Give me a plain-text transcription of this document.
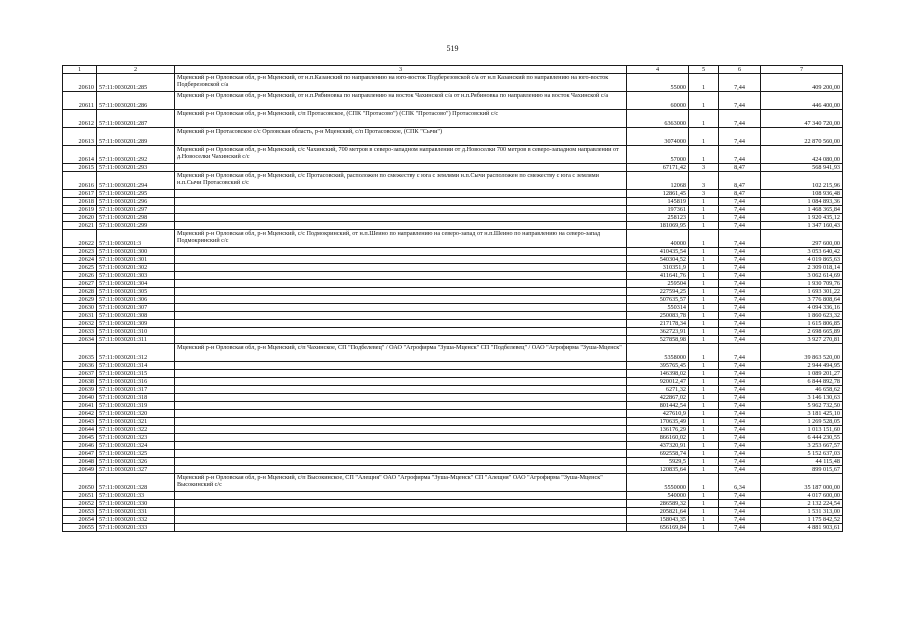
519
1	2	3	4	5	6	7
20610	57:11:0030201:285	Мценский р-н Орловская обл, р-н Мценский, от н.п.Казанский по направлению на юго-восток Подберезовской с/а от н.п Казанский по направлению на юго-восток Подберезовской с/а	55000	1	7,44	409 200,00
20611	57:11:0030201:286	Мценский р-н Орловская обл, р-н Мценский, от н.п.Рябиновка по направлению на восток Чахинской с/а от н.п.Рябиновка по направлению на восток Чахинской с/а	60000	1	7,44	446 400,00
20612	57:11:0030201:287	Мценский р-н Орловская обл, р-н Мценский, с/п Протасовское, (СПК "Протасово") (СПК "Протасово") Протасовский с/с	6363000	1	7,44	47 340 720,00
20613	57:11:0030201:289	Мценский р-н Протасовское с/с Орловская область, р-н Мценский, с/п Протасовское, (СПК "Сычи")	3074000	1	7,44	22 870 560,00
20614	57:11:0030201:292	Мценский р-н Орловская обл, р-н Мценский, с/с Чахинский, 700 метров в северо-западном направлении от д.Новоселки 700 метров в северо-западном направлении от д.Новоселки Чахинский с/с	57000	1	7,44	424 080,00
20615	57:11:0030201:293		67171,42	3	8,47	568 941,93
20616	57:11:0030201:294	Мценский р-н Орловская обл, р-н Мценский, с/с Протасовский, расположен по смежеству с юга с землями н.п.Сычи расположен по смежеству с юга с землями н.п.Сычи Протасовский с/с	12068	3	8,47	102 215,96
20617	57:11:0030201:295		12861,45	3	8,47	108 936,48
20618	57:11:0030201:296		145819	1	7,44	1 084 893,36
20619	57:11:0030201:297		197361	1	7,44	1 468 365,84
20620	57:11:0030201:298		258123	1	7,44	1 920 435,12
20621	57:11:0030201:299		181069,95	1	7,44	1 347 160,43
20622	57:11:0030201:3	Мценский р-н Орловская обл, р-н Мценский, с/с Подмокринский, от н.п.Шеино по направлению на северо-запад от н.п.Шеино по направлению на северо-запад Подмокринский с/с	40000	1	7,44	297 600,00
20623	57:11:0030201:300		410435,54	1	7,44	3 053 640,42
20624	57:11:0030201:301		540304,52	1	7,44	4 019 865,63
20625	57:11:0030201:302		310351,9	1	7,44	2 309 018,14
20626	57:11:0030201:303		411641,76	1	7,44	3 062 614,69
20627	57:11:0030201:304		259504	1	7,44	1 930 709,76
20628	57:11:0030201:305		227594,25	1	7,44	1 693 301,22
20629	57:11:0030201:306		507635,57	1	7,44	3 776 808,64
20630	57:11:0030201:307		550314	1	7,44	4 094 336,16
20631	57:11:0030201:308		250083,78	1	7,44	1 860 623,32
20632	57:11:0030201:309		217178,34	1	7,44	1 615 806,85
20633	57:11:0030201:310		362723,91	1	7,44	2 698 665,89
20634	57:11:0030201:311		527858,98	1	7,44	3 927 270,81
20635	57:11:0030201:312	Мценский р-н Орловская обл, р-н Мценский, с/п Чахинское, СП "Подбелевец" / ОАО "Агрофирма "Зуша-Мценск" СП "Подбелевец" / ОАО "Агрофирма "Зуша-Мценск"	5358000	1	7,44	39 863 520,00
20636	57:11:0030201:314		395765,45	1	7,44	2 944 494,95
20637	57:11:0030201:315		146398,02	1	7,44	1 089 201,27
20638	57:11:0030201:316		920012,47	1	7,44	6 844 892,78
20639	57:11:0030201:317		6271,32	1	7,44	46 658,62
20640	57:11:0030201:318		422867,02	1	7,44	3 146 130,63
20641	57:11:0030201:319		801442,54	1	7,44	5 962 732,50
20642	57:11:0030201:320		427610,9	1	7,44	3 181 425,10
20643	57:11:0030201:321		170635,49	1	7,44	1 269 528,05
20644	57:11:0030201:322		136176,29	1	7,44	1 013 151,60
20645	57:11:0030201:323		866160,02	1	7,44	6 444 230,55
20646	57:11:0030201:324		437320,91	1	7,44	3 253 667,57
20647	57:11:0030201:325		692558,74	1	7,44	5 152 637,03
20648	57:11:0030201:326		5929,5	1	7,44	44 115,48
20649	57:11:0030201:327		120835,64	1	7,44	899 015,67
20650	57:11:0030201:328	Мценский р-н Орловская обл, р-н Мценский, с/п Высокинское, СП "Алещня" ОАО "Агрофирма "Зуша-Мценск" СП "Алещня" ОАО "Агрофирма "Зуша-Мценск" Высокинский с/с	5550000	1	6,34	35 187 000,00
20651	57:11:0030201:33		540000	1	7,44	4 017 600,00
20652	57:11:0030201:330		286589,32	1	7,44	2 132 224,54
20653	57:11:0030201:331		205821,64	1	7,44	1 531 313,00
20654	57:11:0030201:332		158043,35	1	7,44	1 175 842,52
20655	57:11:0030201:333		656169,84	1	7,44	4 881 903,61
